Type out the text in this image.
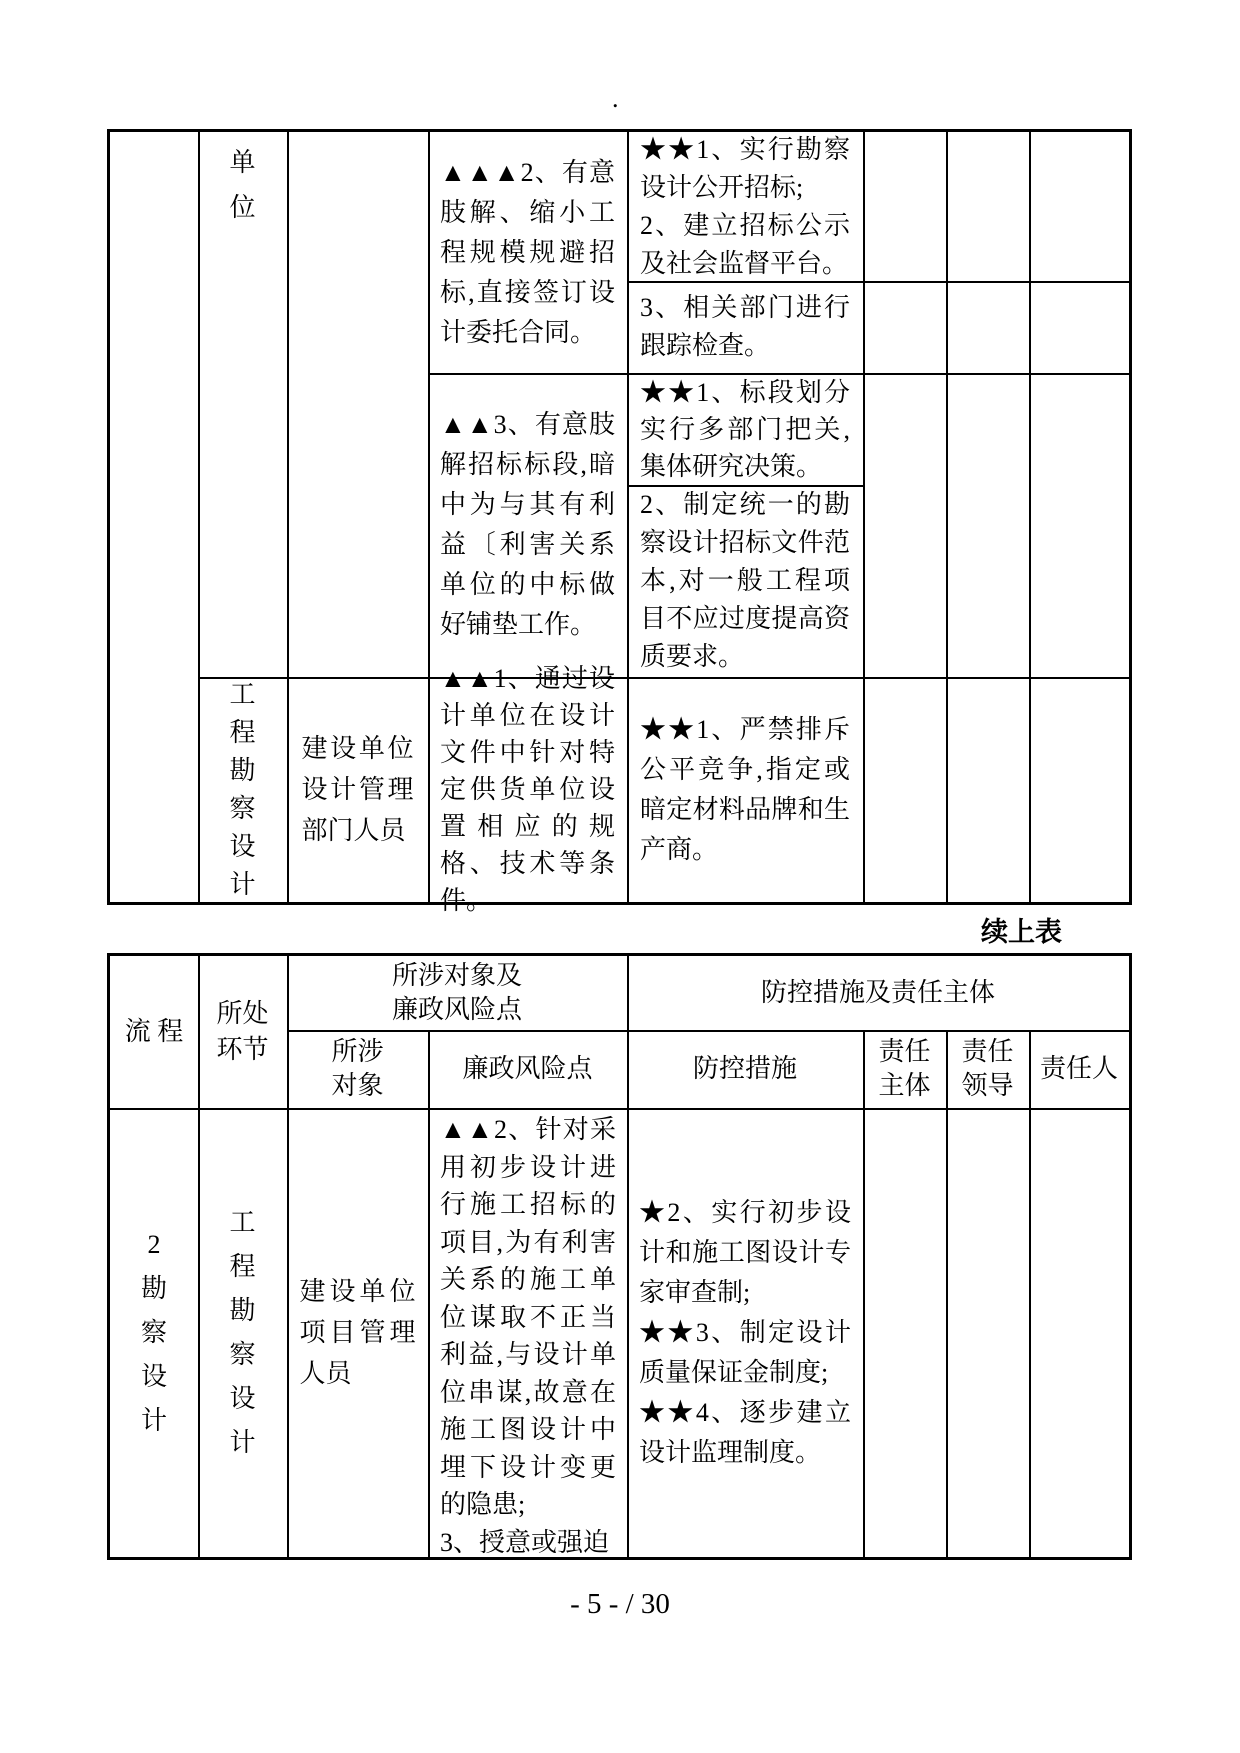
.
单位
▲▲▲2、有意肢解、缩小工程规模规避招标,直接签订设计委托合同。
▲▲3、有意肢解招标标段,暗中为与其有利益〔利害关系单位的中标做好铺垫工作。

★★1、实行勘察设计公开招标;

2、建立招标公示及社会监督平台。

3、相关部门进行跟踪检查。
★★1、标段划分实行多部门把关,集体研究决策。
2、制定统一的勘察设计招标文件范本,对一般工程项目不应过度提高资质要求。
工程勘察设计
建设单位设计管理部门人员
▲▲1、通过设计单位在设计文件中针对特定供货单位设置相应的规格、技术等条件。
★★1、严禁排斥公平竞争,指定或暗定材料品牌和生产商。
续上表
流 程
所处环节
所涉对象及廉政风险点
防控措施及责任主体
所涉对象
廉政风险点	防控措施
责任主体
责任领导
责任人
2勘察设计
工程勘察设计
建设单位项目管理人员

▲▲2、针对采用初步设计进行施工招标的项目,为有利害关系的施工单位谋取不正当利益,与设计单位串谋,故意在施工图设计中埋下设计变更的隐患;

3、授意或强迫

★2、实行初步设计和施工图设计专家审查制;

★★3、制定设计质量保证金制度;

★★4、逐步建立设计监理制度。

- 5 - / 30
